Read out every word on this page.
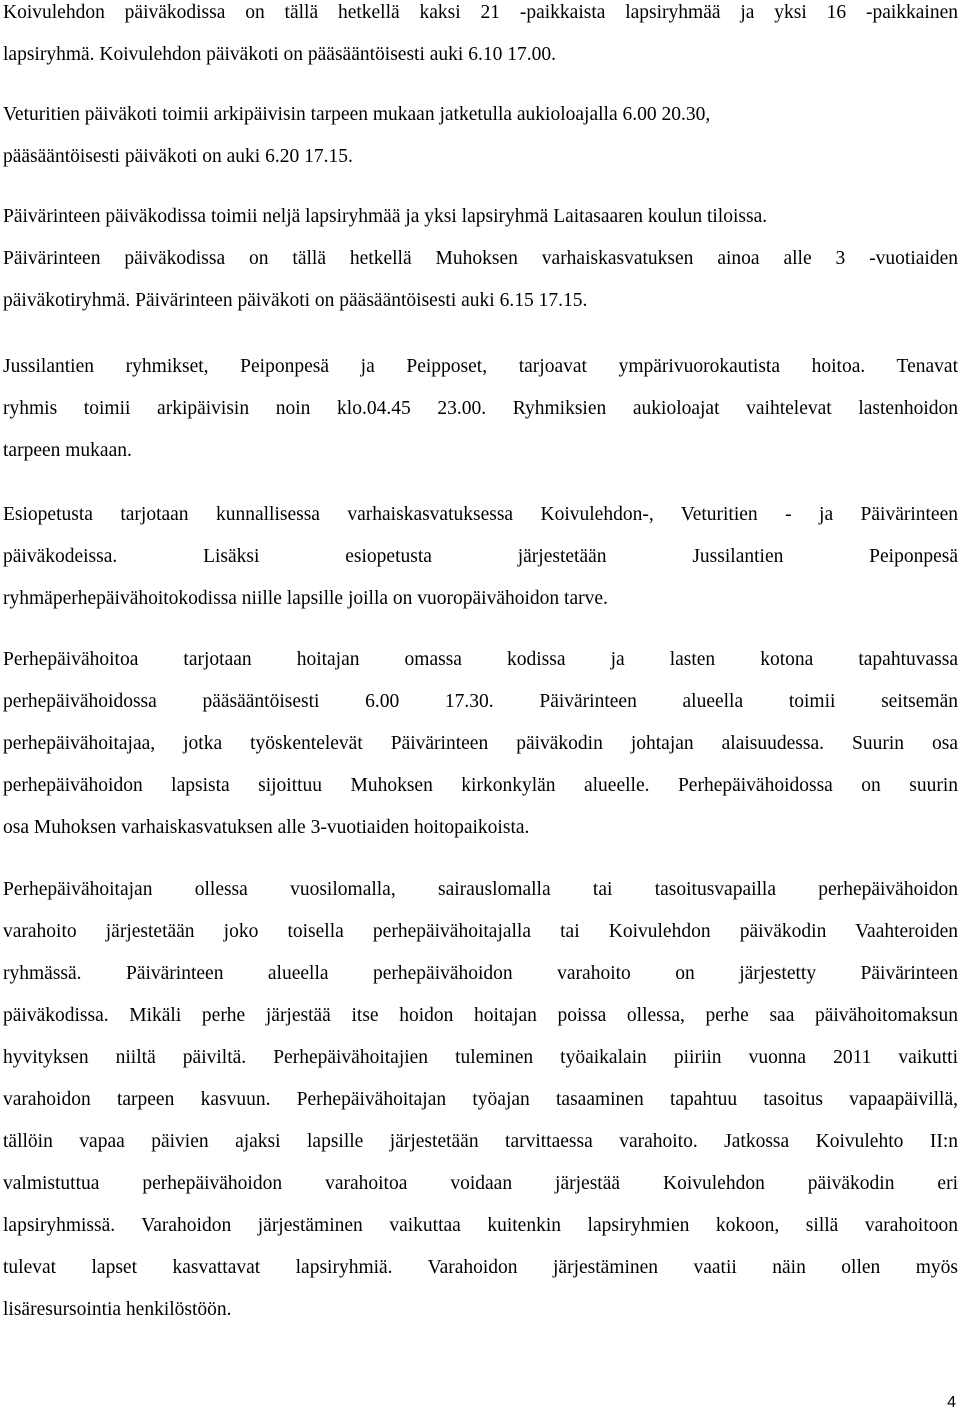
Koivulehdon päiväkodissa on tällä hetkellä kaksi 21 -paikkaista lapsiryhmää ja yksi 16 -paikkainen
lapsiryhmä. Koivulehdon päiväkoti on pääsääntöisesti auki 6.10 17.00.
Veturitien päiväkoti toimii arkipäivisin tarpeen mukaan jatketulla aukioloajalla 6.00 20.30,
pääsääntöisesti päiväkoti on auki 6.20 17.15.
Päivärinteen päiväkodissa toimii neljä lapsiryhmää ja yksi lapsiryhmä Laitasaaren koulun tiloissa.
Päivärinteen päiväkodissa on tällä hetkellä Muhoksen varhaiskasvatuksen ainoa alle 3 -vuotiaiden
päiväkotiryhmä. Päivärinteen päiväkoti on pääsääntöisesti auki 6.15 17.15.
Jussilantien ryhmikset, Peiponpesä ja Peipposet, tarjoavat ympärivuorokautista hoitoa. Tenavat
ryhmis toimii arkipäivisin noin klo.04.45 23.00. Ryhmiksien aukioloajat vaihtelevat lastenhoidon
tarpeen mukaan.
Esiopetusta tarjotaan kunnallisessa varhaiskasvatuksessa Koivulehdon-, Veturitien - ja Päivärinteen
päiväkodeissa. Lisäksi esiopetusta järjestetään Jussilantien Peiponpesä
ryhmäperhepäivähoitokodissa niille lapsille joilla on vuoropäivähoidon tarve.
Perhepäivähoitoa tarjotaan hoitajan omassa kodissa ja lasten kotona tapahtuvassa
perhepäivähoidossa pääsääntöisesti 6.00 17.30. Päivärinteen alueella toimii seitsemän
perhepäivähoitajaa, jotka työskentelevät Päivärinteen päiväkodin johtajan alaisuudessa. Suurin osa
perhepäivähoidon lapsista sijoittuu Muhoksen kirkonkylän alueelle. Perhepäivähoidossa on suurin
osa Muhoksen varhaiskasvatuksen alle 3-vuotiaiden hoitopaikoista.
Perhepäivähoitajan ollessa vuosilomalla, sairauslomalla tai tasoitusvapailla perhepäivähoidon
varahoito järjestetään joko toisella perhepäivähoitajalla tai Koivulehdon päiväkodin Vaahteroiden
ryhmässä. Päivärinteen alueella perhepäivähoidon varahoito on järjestetty Päivärinteen
päiväkodissa. Mikäli perhe järjestää itse hoidon hoitajan poissa ollessa, perhe saa päivähoitomaksun
hyvityksen niiltä päiviltä. Perhepäivähoitajien tuleminen työaikalain piiriin vuonna 2011 vaikutti
varahoidon tarpeen kasvuun. Perhepäivähoitajan työajan tasaaminen tapahtuu tasoitus vapaapäivillä,
tällöin vapaa päivien ajaksi lapsille järjestetään tarvittaessa varahoito. Jatkossa Koivulehto II:n
valmistuttua perhepäivähoidon varahoitoa voidaan järjestää Koivulehdon päiväkodin eri
lapsiryhmissä. Varahoidon järjestäminen vaikuttaa kuitenkin lapsiryhmien kokoon, sillä varahoitoon
tulevat lapset kasvattavat lapsiryhmiä. Varahoidon järjestäminen vaatii näin ollen myös
lisäresursointia henkilöstöön.
4
